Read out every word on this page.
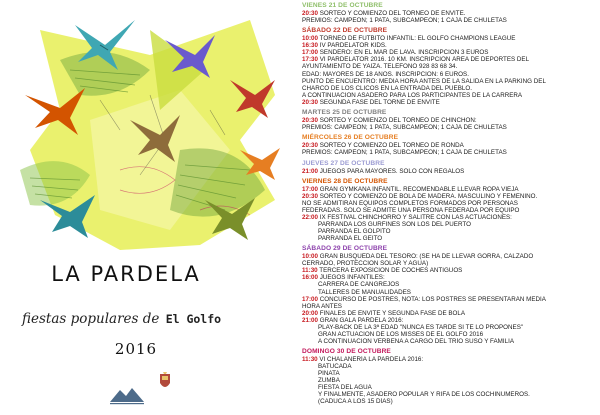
LA PARDELA
fiestas populares de El Golfo
2016
VIENES 21 DE OCTUBRE
20:30 SORTEO Y COMIENZO DEL TORNEO DE ENVITE.
PREMIOS: CAMPEÓN; 1 PATA, SUBCAMPEÓN; 1 CAJA DE CHULETAS
SÁBADO 22 DE OCTUBRE
10:00 TORNEO DE FUTBITO INFANTIL: EL GOLFO CHAMPIONS LEAGUE
16:30 IV PARDELATOR KIDS.
17:00 SENDERO: EN EL MAR DE LAVA. INSCRIPCIÓN 3 EUROS
17:30 VI PARDELATOR 2016. 10 KM. INSCRIPCIÓN ÁREA DE DEPORTES DEL
AYUNTAMIENTO DE YAIZA. TELÉFONO 928 83 68 34.
EDAD: MAYORES DE 18 AÑOS. INSCRIPCIÓN: 6 EUROS.
PUNTO DE ENCUENTRO: MEDIA HORA ANTES DE LA SALIDA EN LA PARKING DEL
CHARCO DE LOS CLICOS EN LA ENTRADA DEL PUEBLO.
A CONTINUACIÓN ASADERO PARA LOS PARTICIPANTES DE LA CARRERA
20:30 SEGUNDA FASE DEL TORNE DE ENVITE
MARTES 25 DE OCTUBRE
20:30 SORTEO Y COMIENZO DEL TORNEO DE CHINCHÓN:
PREMIOS: CAMPEÓN; 1 PATA, SUBCAMPEÓN; 1 CAJA DE CHULETAS
MIÉRCOLES 26 DE OCTUBRE
20:30 SORTEO Y COMIENZO DEL TORNEO DE RONDA
PREMIOS: CAMPEÓN; 1 PATA, SUBCAMPEÓN; 1 CAJA DE CHULETAS
JUEVES 27 DE OCTUBRE
21:00 JUEGOS PARA MAYORES. SOLO CON REGALOS
VIERNES 28 DE OCTUBRE
17:00 GRAN GYMKANA INFANTIL. RECOMENDABLE LLEVAR ROPA VIEJA
20:30 SORTEO Y COMIENZO DE BOLA DE MADERA. MASCULINO Y FEMENINO.
NO SE ADMITIRÁN EQUIPOS COMPLETOS FORMADOS POR PERSONAS
FEDERADAS. SOLO SE ADMITE UNA PERSONA FEDERADA POR EQUIPO
22:00 IX FESTIVAL CHINCHORRO Y SALITRE CON LAS ACTUACIONES:
PARRANDA LOS GURFINES SON LOS DEL PUERTO
PARRANDA EL GOLPITO
PARRANDA EL GEITO
SÁBADO 29 DE OCTUBRE
10:00 GRAN BÚSQUEDA DEL TESORO: (SE HA DE LLEVAR GORRA, CALZADO
CERRADO, PROTECCIÓN SOLAR Y AGUA)
11:30 TERCERA EXPOSICIÓN DE COCHES ANTIGUOS
16:00 JUEGOS INFANTILES:
CARRERA DE CANGREJOS
TALLERES DE MANUALIDADES
17:00 CONCURSO DE POSTRES, NOTA: LOS POSTRES SE PRESENTARÁN MEDIA
HORA ANTES
20:00 FINALES DE ENVITE Y SEGUNDA FASE DE BOLA
21:00 GRAN GALA PARDELA 2016:
PLAY-BACK DE LA 3ª EDAD "NUNCA ES TARDE SI TE LO PROPONES"
GRAN ACTUACIÓN DE LOS MISSES DE EL GOLFO 2016
A CONTINUACIÓN VERBENA A CARGO DEL TRÍO SUSO Y FAMILIA
DOMINGO 30 DE OCTUBRE
11:30 VI CHALANERÍA LA PARDELA 2016:
BATUCADA
PIÑATA
ZUMBA
FIESTA DEL AGUA
Y FINALMENTE, ASADERO POPULAR Y RIFA DE LOS COCHINÚMEROS.
(CADUCA A LOS 15 DÍAS)
